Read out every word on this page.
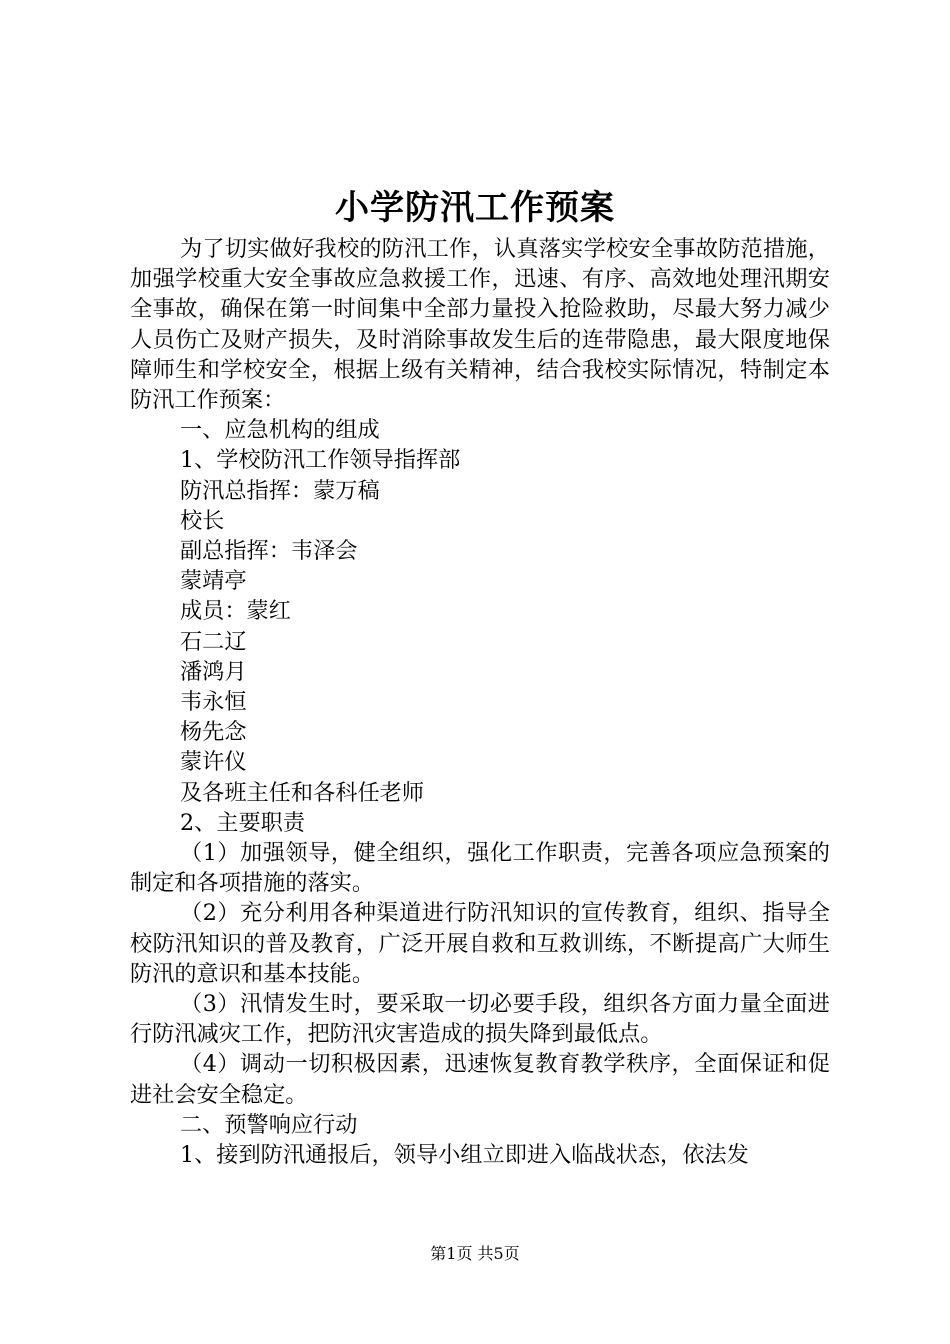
小学防汛工作预案

为了切实做好我校的防汛工作，认真落实学校安全事故防范措施，加强学校重大安全事故应急救援工作，迅速、有序、高效地处理汛期安全事故，确保在第一时间集中全部力量投入抢险救助，尽最大努力减少人员伤亡及财产损失，及时消除事故发生后的连带隐患，最大限度地保障师生和学校安全，根据上级有关精神，结合我校实际情况，特制定本防汛工作预案：

一、应急机构的组成

1、学校防汛工作领导指挥部

防汛总指挥：蒙万稿

校长

副总指挥：韦泽会

蒙靖亭

成员：蒙红

石二辽

潘鸿月

韦永恒

杨先念

蒙许仪

及各班主任和各科任老师

2、主要职责

（1）加强领导，健全组织，强化工作职责，完善各项应急预案的制定和各项措施的落实。

（2）充分利用各种渠道进行防汛知识的宣传教育，组织、指导全校防汛知识的普及教育，广泛开展自救和互救训练，不断提高广大师生防汛的意识和基本技能。

（3）汛情发生时，要采取一切必要手段，组织各方面力量全面进行防汛减灾工作，把防汛灾害造成的损失降到最低点。

（4）调动一切积极因素，迅速恢复教育教学秩序，全面保证和促进社会安全稳定。

二、预警响应行动

1、接到防汛通报后，领导小组立即进入临战状态，依法发

第1页 共5页
